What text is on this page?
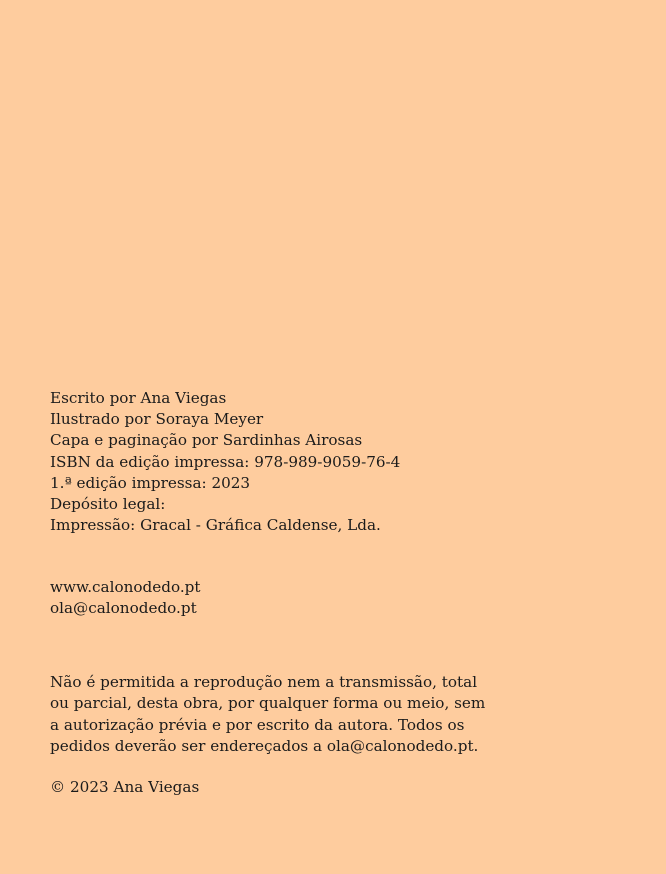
Escrito por Ana Viegas
Ilustrado por Soraya Meyer
Capa e paginação por Sardinhas Airosas
ISBN da edição impressa: 978-989-9059-76-4
1.ª edição impressa: 2023
Depósito legal:
Impressão: Gracal - Gráfica Caldense, Lda.
www.calonodedo.pt
ola@calonodedo.pt
Não é permitida a reprodução nem a transmissão, total
ou parcial, desta obra, por qualquer forma ou meio, sem
a autorização prévia e por escrito da autora. Todos os
pedidos deverão ser endereçados a ola@calonodedo.pt.
© 2023 Ana Viegas
